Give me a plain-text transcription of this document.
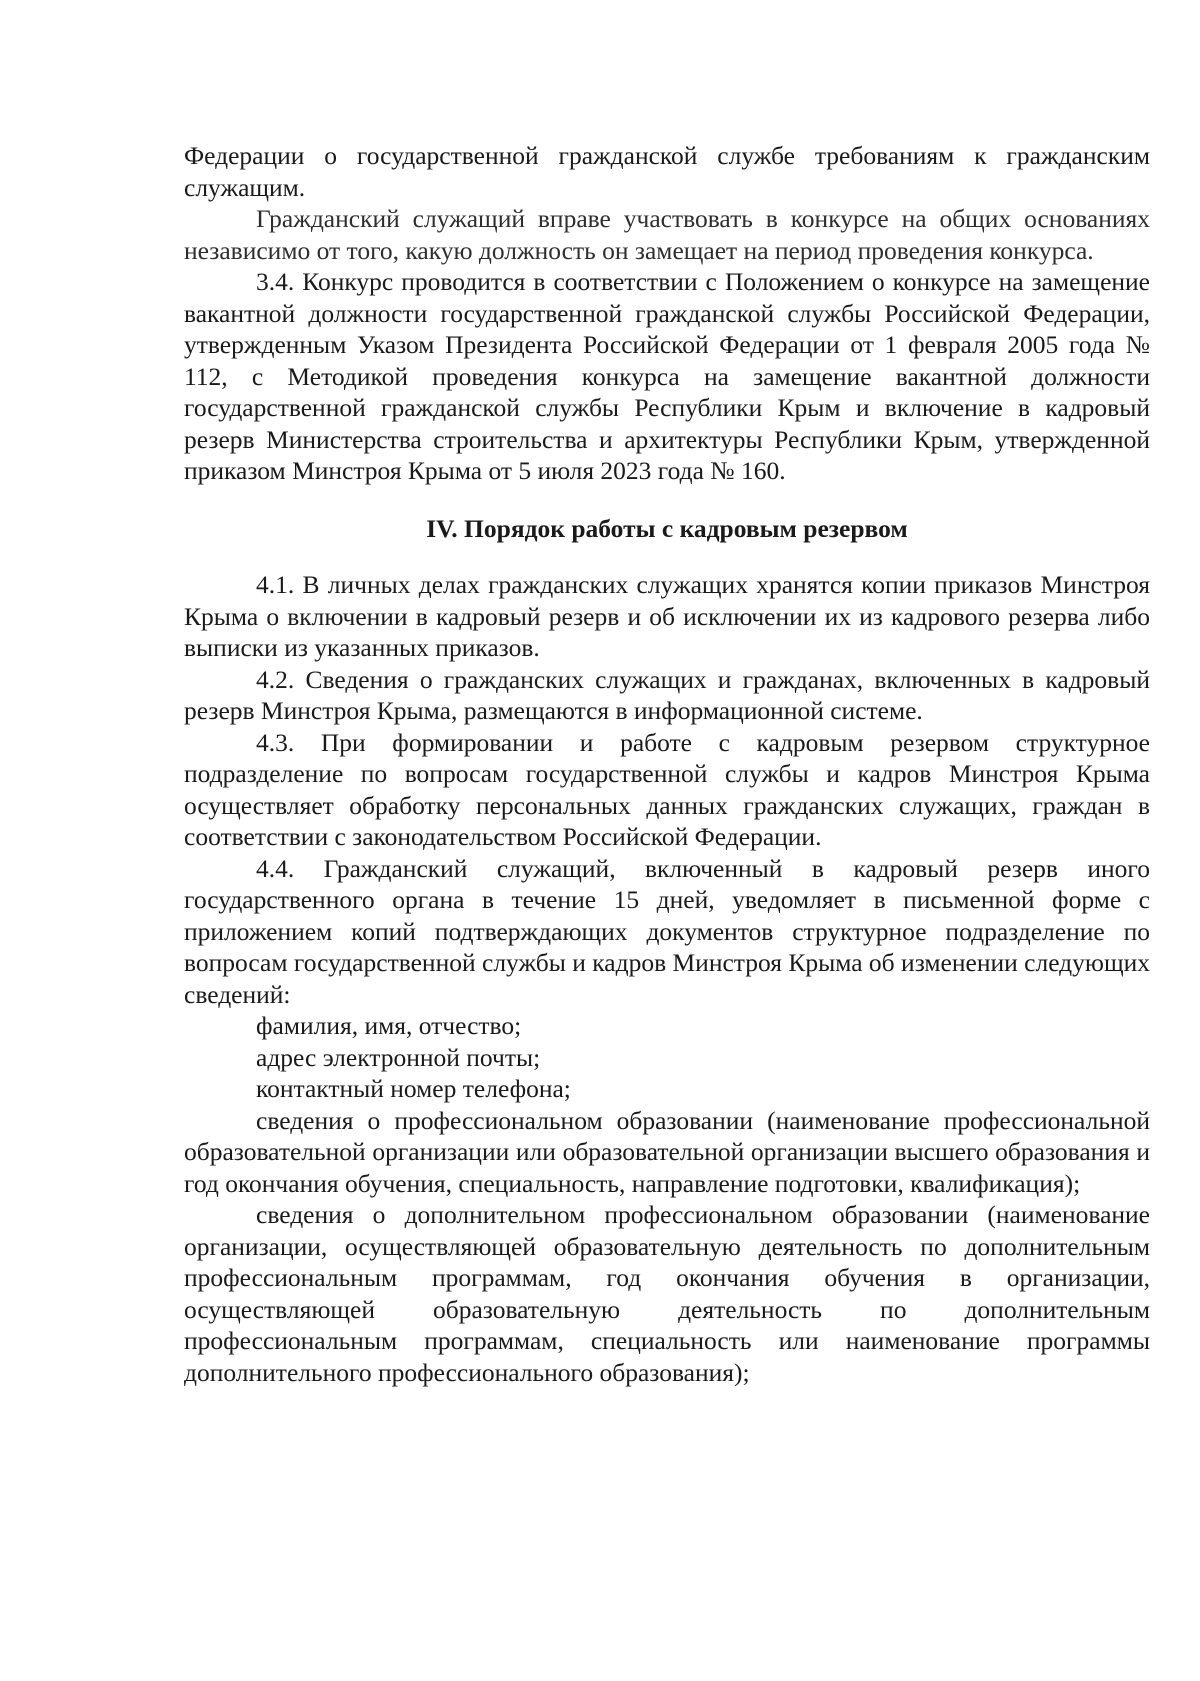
Федерации о государственной гражданской службе требованиям к гражданским служащим.

Гражданский служащий вправе участвовать в конкурсе на общих основаниях независимо от того, какую должность он замещает на период проведения конкурса.

3.4. Конкурс проводится в соответствии с Положением о конкурсе на замещение вакантной должности государственной гражданской службы Российской Федерации, утвержденным Указом Президента Российской Федерации от 1 февраля 2005 года № 112, с Методикой проведения конкурса на замещение вакантной должности государственной гражданской службы Республики Крым и включение в кадровый резерв Министерства строительства и архитектуры Республики Крым, утвержденной приказом Минстроя Крыма от 5 июля 2023 года № 160.

IV. Порядок работы с кадровым резервом

4.1. В личных делах гражданских служащих хранятся копии приказов Минстроя Крыма о включении в кадровый резерв и об исключении их из кадрового резерва либо выписки из указанных приказов.

4.2. Сведения о гражданских служащих и гражданах, включенных в кадровый резерв Минстроя Крыма, размещаются в информационной системе.

4.3. При формировании и работе с кадровым резервом структурное подразделение по вопросам государственной службы и кадров Минстроя Крыма осуществляет обработку персональных данных гражданских служащих, граждан в соответствии с законодательством Российской Федерации.

4.4. Гражданский служащий, включенный в кадровый резерв иного государственного органа в течение 15 дней, уведомляет в письменной форме с приложением копий подтверждающих документов структурное подразделение по вопросам государственной службы и кадров Минстроя Крыма об изменении следующих сведений:

фамилия, имя, отчество;

адрес электронной почты;

контактный номер телефона;

сведения о профессиональном образовании (наименование профессиональной образовательной организации или образовательной организации высшего образования и год окончания обучения, специальность, направление подготовки, квалификация);

сведения о дополнительном профессиональном образовании (наименование организации, осуществляющей образовательную деятельность по дополнительным профессиональным программам, год окончания обучения в организации, осуществляющей образовательную деятельность по дополнительным профессиональным программам, специальность или наименование программы дополнительного профессионального образования);
